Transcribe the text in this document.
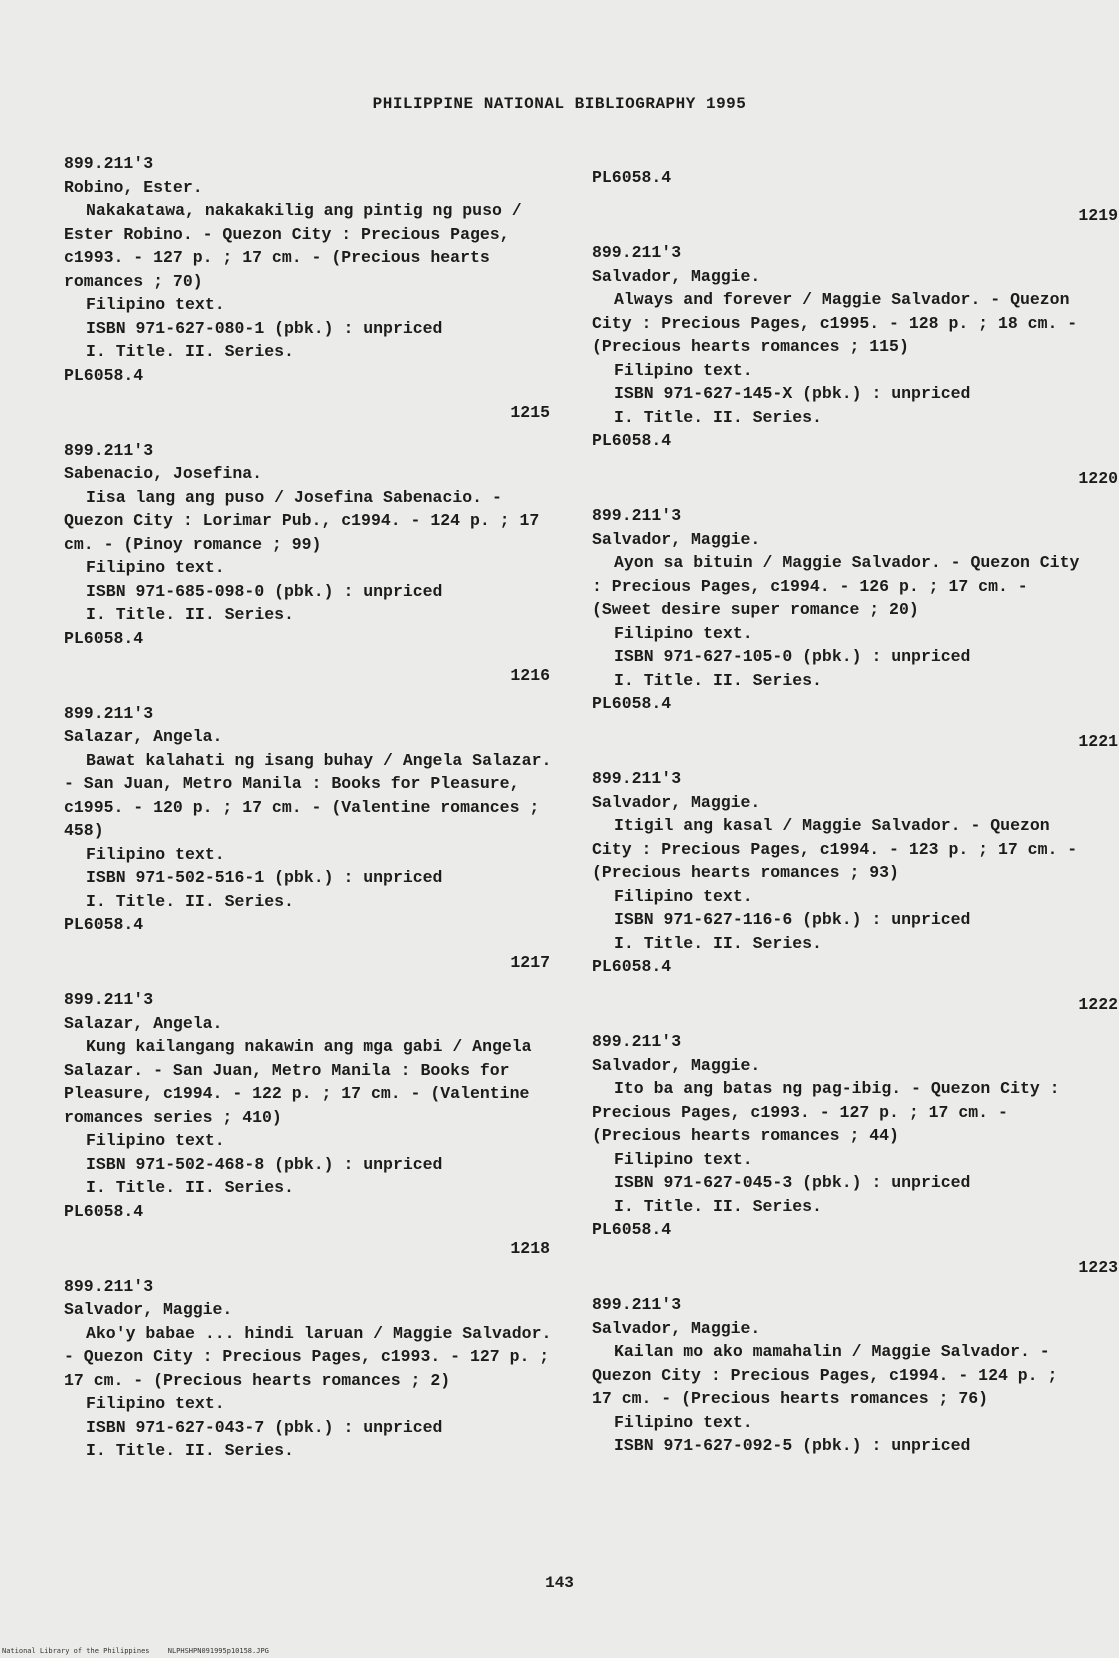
PHILIPPINE NATIONAL BIBLIOGRAPHY 1995
899.211'3
Robino, Ester.
Nakakatawa, nakakakilig ang pintig ng puso / Ester Robino. - Quezon City : Precious Pages, c1993. - 127 p. ; 17 cm. - (Precious hearts romances ; 70)
Filipino text.
ISBN 971-627-080-1 (pbk.) : unpriced
I. Title. II. Series.
PL6058.4
1215
899.211'3
Sabenacio, Josefina.
Iisa lang ang puso / Josefina Sabenacio. - Quezon City : Lorimar Pub., c1994. - 124 p. ; 17 cm. - (Pinoy romance ; 99)
Filipino text.
ISBN 971-685-098-0 (pbk.) : unpriced
I. Title. II. Series.
PL6058.4
1216
899.211'3
Salazar, Angela.
Bawat kalahati ng isang buhay / Angela Salazar. - San Juan, Metro Manila : Books for Pleasure, c1995. - 120 p. ; 17 cm. - (Valentine romances ; 458)
Filipino text.
ISBN 971-502-516-1 (pbk.) : unpriced
I. Title. II. Series.
PL6058.4
1217
899.211'3
Salazar, Angela.
Kung kailangang nakawin ang mga gabi / Angela Salazar. - San Juan, Metro Manila : Books for Pleasure, c1994. - 122 p. ; 17 cm. - (Valentine romances series ; 410)
Filipino text.
ISBN 971-502-468-8 (pbk.) : unpriced
I. Title. II. Series.
PL6058.4
1218
899.211'3
Salvador, Maggie.
Ako'y babae ... hindi laruan / Maggie Salvador. - Quezon City : Precious Pages, c1993. - 127 p. ; 17 cm. - (Precious hearts romances ; 2)
Filipino text.
ISBN 971-627-043-7 (pbk.) : unpriced
I. Title. II. Series.
PL6058.4
1219
899.211'3
Salvador, Maggie.
Always and forever / Maggie Salvador. - Quezon City : Precious Pages, c1995. - 128 p. ; 18 cm. - (Precious hearts romances ; 115)
Filipino text.
ISBN 971-627-145-X (pbk.) : unpriced
I. Title. II. Series.
PL6058.4
1220
899.211'3
Salvador, Maggie.
Ayon sa bituin / Maggie Salvador. - Quezon City : Precious Pages, c1994. - 126 p. ; 17 cm. - (Sweet desire super romance ; 20)
Filipino text.
ISBN 971-627-105-0 (pbk.) : unpriced
I. Title. II. Series.
PL6058.4
1221
899.211'3
Salvador, Maggie.
Itigil ang kasal / Maggie Salvador. - Quezon City : Precious Pages, c1994. - 123 p. ; 17 cm. - (Precious hearts romances ; 93)
Filipino text.
ISBN 971-627-116-6 (pbk.) : unpriced
I. Title. II. Series.
PL6058.4
1222
899.211'3
Salvador, Maggie.
Ito ba ang batas ng pag-ibig. - Quezon City : Precious Pages, c1993. - 127 p. ; 17 cm. - (Precious hearts romances ; 44)
Filipino text.
ISBN 971-627-045-3 (pbk.) : unpriced
I. Title. II. Series.
PL6058.4
1223
899.211'3
Salvador, Maggie.
Kailan mo ako mamahalin / Maggie Salvador. - Quezon City : Precious Pages, c1994. - 124 p. ; 17 cm. - (Precious hearts romances ; 76)
Filipino text.
ISBN 971-627-092-5 (pbk.) : unpriced
143
National Library of the Philippines	NLPHSHPN091995p10158.JPG
